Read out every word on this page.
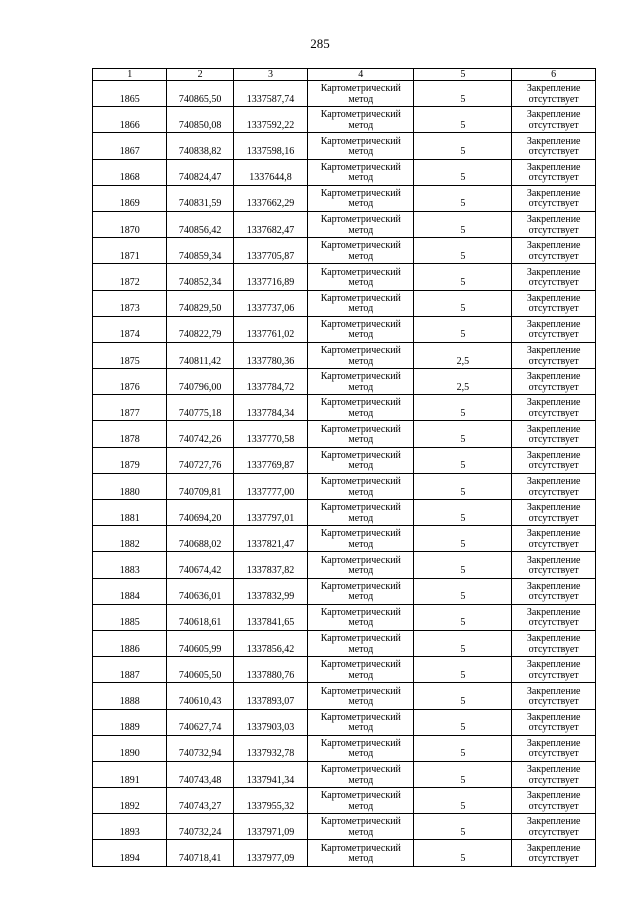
285
1	2	3	4	5	6
1865	740865,50	1337587,74	Картометрический
метод	5	Закрепление
отсутствует

1866	740850,08	1337592,22	Картометрический
метод	5	Закрепление
отсутствует

1867	740838,82	1337598,16	Картометрический
метод	5	Закрепление
отсутствует

1868	740824,47	1337644,8	Картометрический
метод	5	Закрепление
отсутствует

1869	740831,59	1337662,29	Картометрический
метод	5	Закрепление
отсутствует

1870	740856,42	1337682,47	Картометрический
метод	5	Закрепление
отсутствует

1871	740859,34	1337705,87	Картометрический
метод	5	Закрепление
отсутствует

1872	740852,34	1337716,89	Картометрический
метод	5	Закрепление
отсутствует

1873	740829,50	1337737,06	Картометрический
метод	5	Закрепление
отсутствует

1874	740822,79	1337761,02	Картометрический
метод	5	Закрепление
отсутствует

1875	740811,42	1337780,36	Картометрический
метод	2,5	Закрепление
отсутствует

1876	740796,00	1337784,72	Картометрический
метод	2,5	Закрепление
отсутствует

1877	740775,18	1337784,34	Картометрический
метод	5	Закрепление
отсутствует

1878	740742,26	1337770,58	Картометрический
метод	5	Закрепление
отсутствует

1879	740727,76	1337769,87	Картометрический
метод	5	Закрепление
отсутствует

1880	740709,81	1337777,00	Картометрический
метод	5	Закрепление
отсутствует

1881	740694,20	1337797,01	Картометрический
метод	5	Закрепление
отсутствует

1882	740688,02	1337821,47	Картометрический
метод	5	Закрепление
отсутствует

1883	740674,42	1337837,82	Картометрический
метод	5	Закрепление
отсутствует

1884	740636,01	1337832,99	Картометрический
метод	5	Закрепление
отсутствует

1885	740618,61	1337841,65	Картометрический
метод	5	Закрепление
отсутствует

1886	740605,99	1337856,42	Картометрический
метод	5	Закрепление
отсутствует

1887	740605,50	1337880,76	Картометрический
метод	5	Закрепление
отсутствует

1888	740610,43	1337893,07	Картометрический
метод	5	Закрепление
отсутствует

1889	740627,74	1337903,03	Картометрический
метод	5	Закрепление
отсутствует

1890	740732,94	1337932,78	Картометрический
метод	5	Закрепление
отсутствует

1891	740743,48	1337941,34	Картометрический
метод	5	Закрепление
отсутствует

1892	740743,27	1337955,32	Картометрический
метод	5	Закрепление
отсутствует

1893	740732,24	1337971,09	Картометрический
метод	5	Закрепление
отсутствует

1894	740718,41	1337977,09	Картометрический
метод	5	Закрепление
отсутствует
